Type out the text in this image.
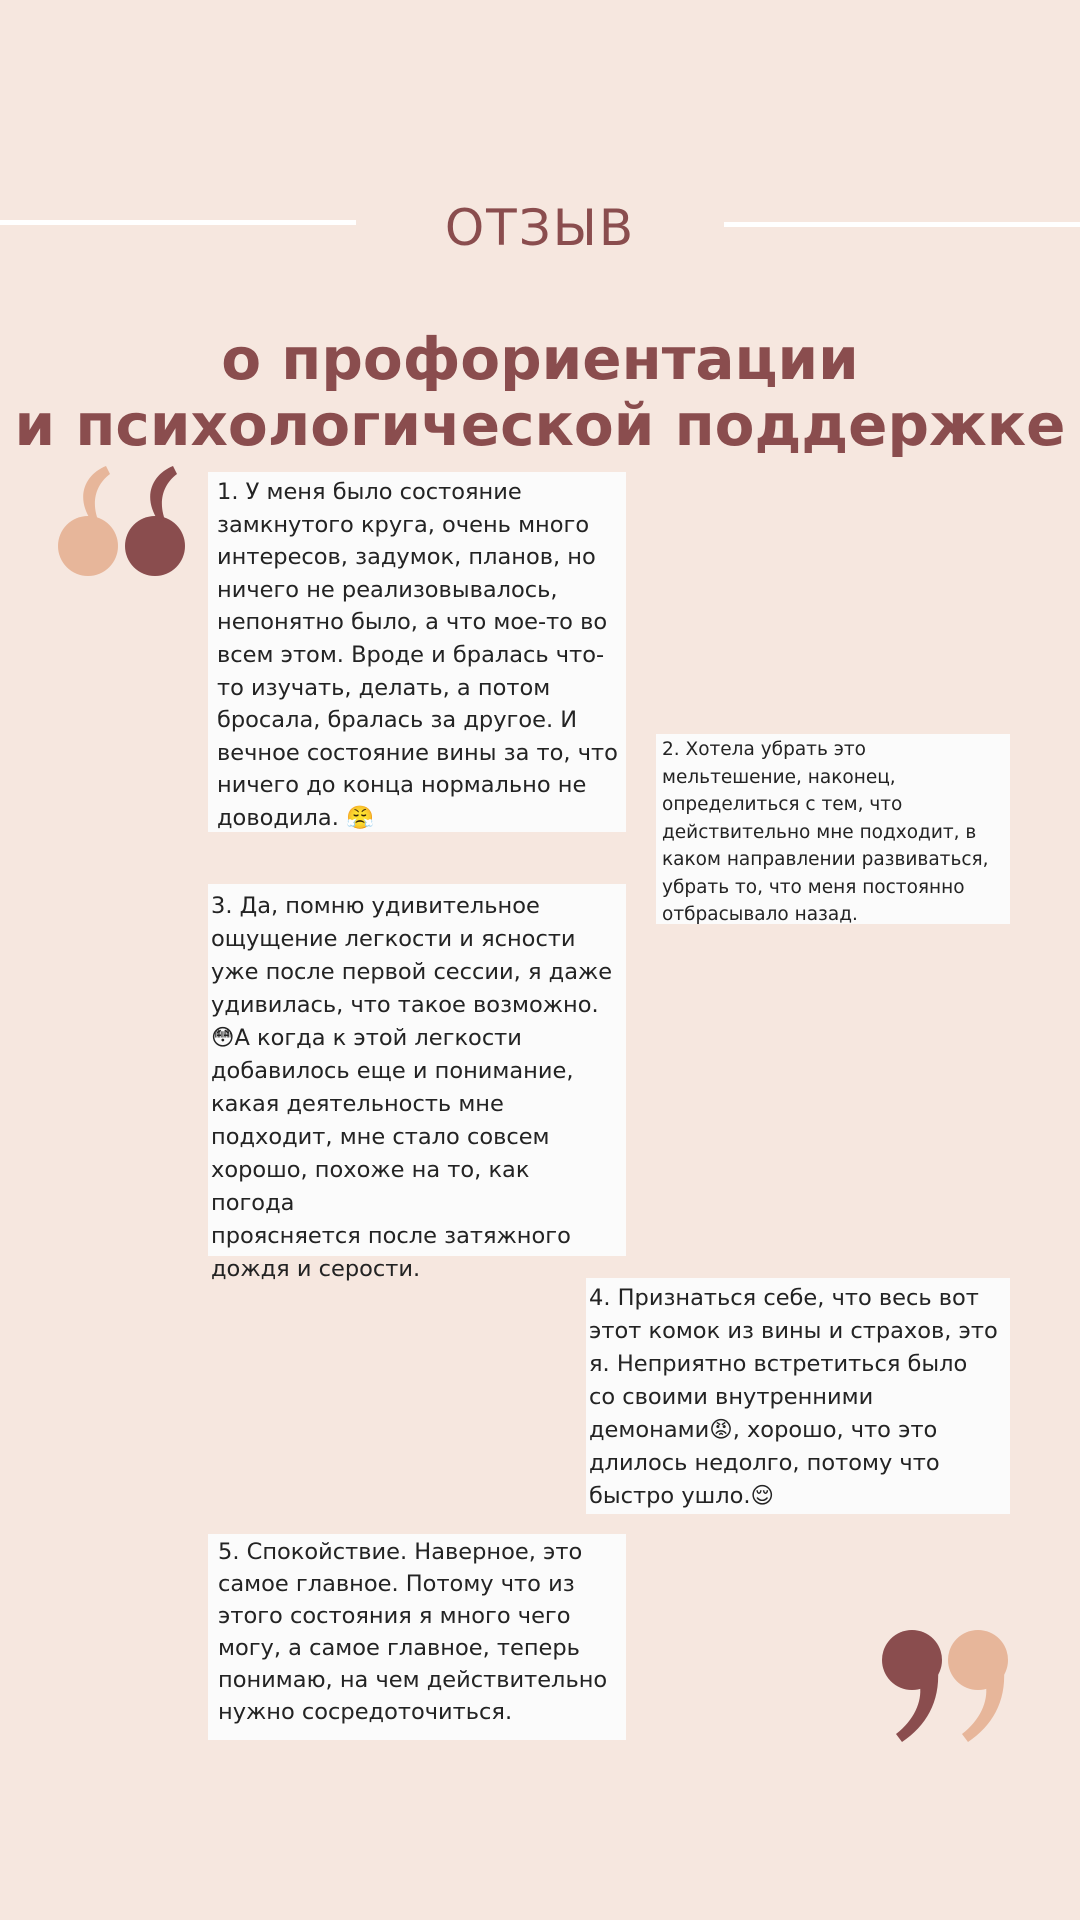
ОТЗЫВ
о профориентации
и психологической поддержке

1. У меня было состояние
замкнутого круга, очень много
интересов, задумок, планов, но
ничего не реализовывалось,
непонятно было, а что мое-то во
всем этом. Вроде и бралась что-
то изучать, делать, а потом
бросала, бралась за другое. И
вечное состояние вины за то, что
ничего до конца нормально не
доводила. 😤

2. Хотела убрать это
мельтешение, наконец,
определиться с тем, что
действительно мне подходит, в
каком направлении развиваться,
убрать то, что меня постоянно
отбрасывало назад.

3. Да, помню удивительное
ощущение легкости и ясности
уже после первой сессии, я даже
удивилась, что такое возможно.
😳А когда к этой легкости
добавилось еще и понимание,
какая деятельность мне
подходит, мне стало совсем
хорошо, похоже на то, как погода
проясняется после затяжного
дождя и серости.

4. Признаться себе, что весь вот
этот комок из вины и страхов, это
я. Неприятно встретиться было
со своими внутренними
демонами😡, хорошо, что это
длилось недолго, потому что
быстро ушло.😌

5. Спокойствие. Наверное, это
самое главное. Потому что из
этого состояния я много чего
могу, а самое главное, теперь
понимаю, на чем действительно
нужно сосредоточиться.
